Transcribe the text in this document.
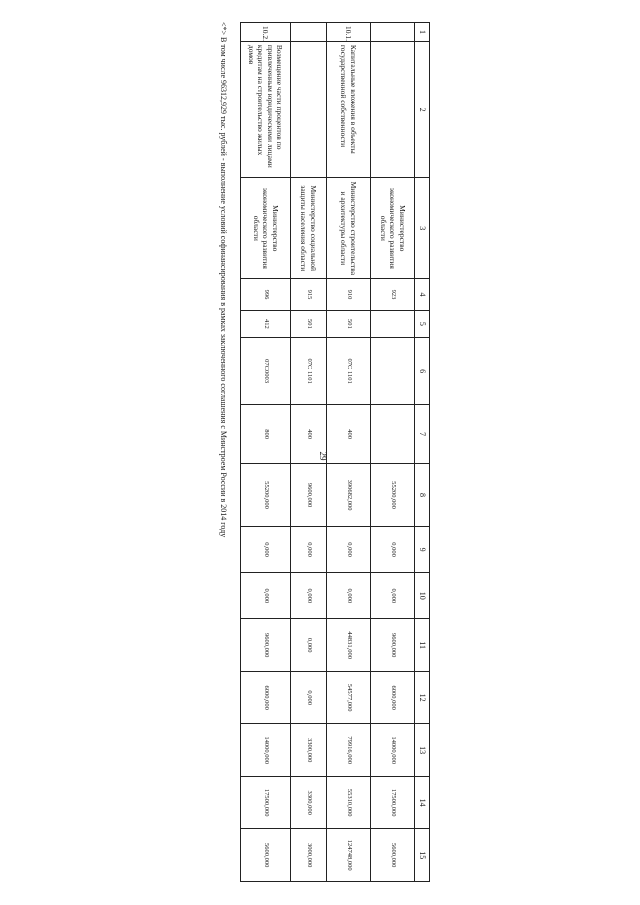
29
1	2	3	4	5	6	7	8	9	10	11	12	13	14	15
		Министерство экономического развития области	923				55200,000	0,000	0,000	9600,000	6000,000	14000,000	17500,000	5600,000
10.1.	Капитальные вложения в объекты государственной собственности	Министерство строительства и архитектуры области	910	501	07С 1101	400	390682,000	0,000	0,000	44831,000	54577,000	79916,000	55310,000	124748,000
		Министерство социальной защиты населения области	915	501	07С 1101	400	9600,000	0,000	0,000	0,000	0,000	3300,000	3300,000	3000,000
10.2.	Возмещение части процентов по привлеченным юридическими лицами кредитам на строительство жилых домов	Министерство экономического развития области	996	412	07С0003	800	55200,000	0,000	0,000	9600,000	6000,000	14000,000	17500,000	5600,000
<*> В том числе 96312,929 тыс. рублей - выполнение условий софинансирования в рамках заключенного соглашения с Минстроем России в 2014 году
